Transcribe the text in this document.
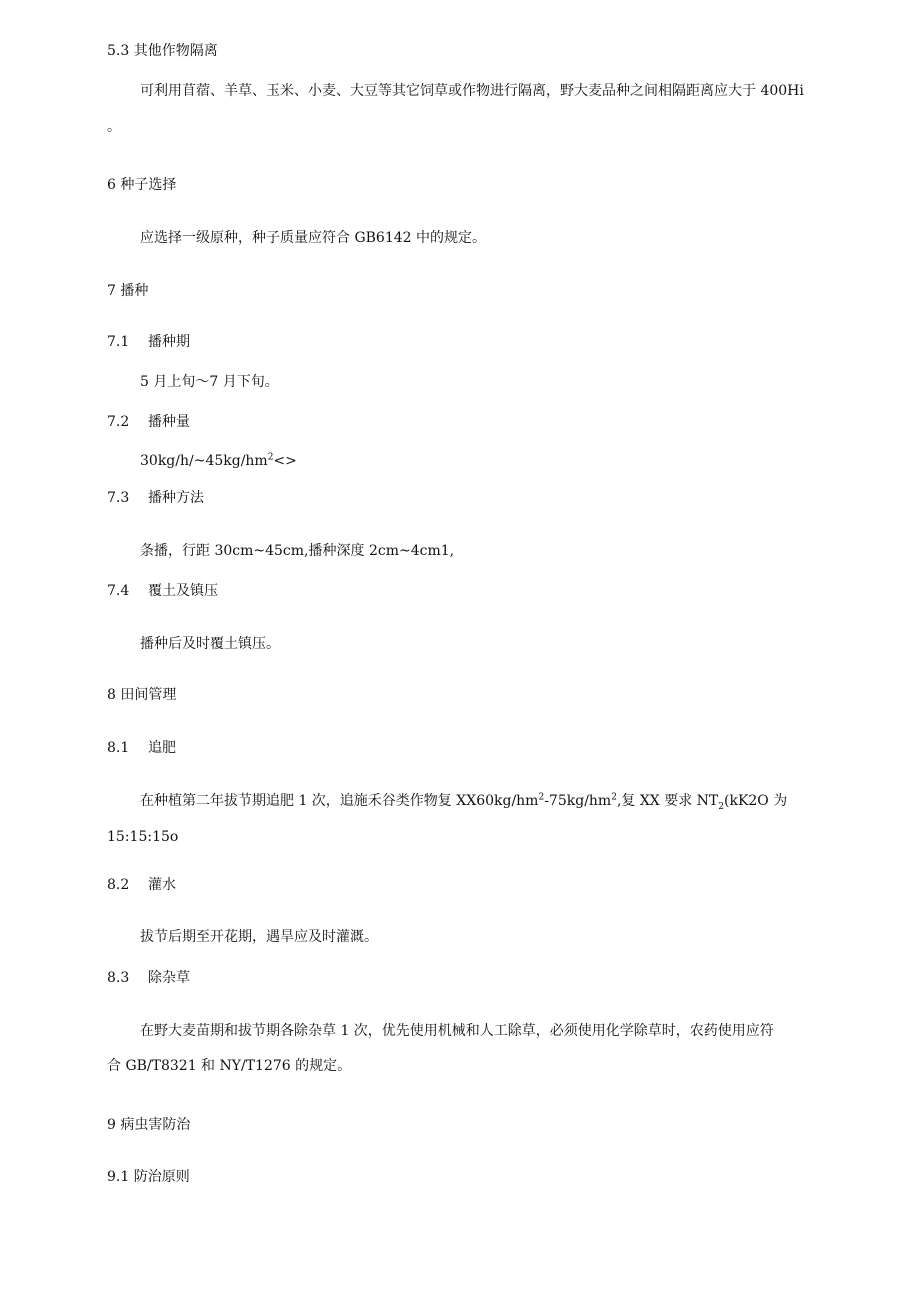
5.3 其他作物隔离
可利用苜蓿、羊草、玉米、小麦、大豆等其它饲草或作物进行隔离，野大麦品种之间相隔距离应大于 400Hi
。
6 种子选择
应选择一级原种，种子质量应符合 GB6142 中的规定。
7 播种
7.1 播种期
5 月上旬～7 月下旬。
7.2 播种量
$30kg∕h∕\sim 45kg∕hm^2<>$
7.3 播种方法
条播，行距 30cm~45cm,播种深度 2cm~4cm1,
7.4 覆土及镇压
播种后及时覆土镇压。
8 田间管理
8.1 追肥
在种植第二年拔节期追肥 1 次，追施禾谷类作物复 $XX60kg∕hm^2-75kg∕hm^2$,复 XX 要求 $NT_2(kK2O$ 为
15:15:15o
8.2 灌水
拔节后期至开花期，遇旱应及时灌溉。
8.3 除杂草
在野大麦苗期和拔节期各除杂草 1 次，优先使用机械和人工除草，必须使用化学除草时，农药使用应符
合 GB/T8321 和 NY/T1276 的规定。
9 病虫害防治
9.1 防治原则
